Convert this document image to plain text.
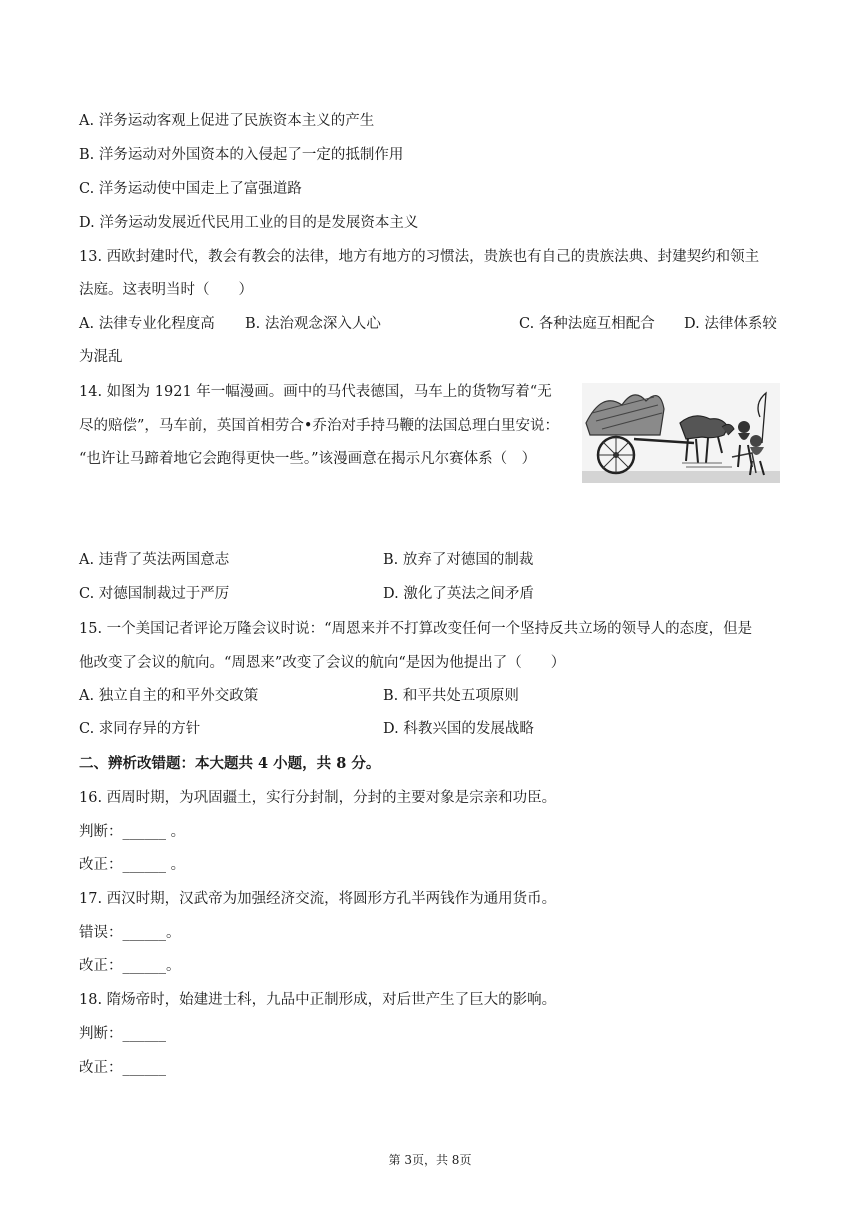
A. 洋务运动客观上促进了民族资本主义的产生
B. 洋务运动对外国资本的入侵起了一定的抵制作用
C. 洋务运动使中国走上了富强道路
D. 洋务运动发展近代民用工业的目的是发展资本主义
13. 西欧封建时代，教会有教会的法律，地方有地方的习惯法，贵族也有自己的贵族法典、封建契约和领主
法庭。这表明当时（　　）
A. 法律专业化程度高 B. 法治观念深入人心	C. 各种法庭互相配合 D. 法律体系较
为混乱
14. 如图为 1921 年一幅漫画。画中的马代表德国，马车上的货物写着“无
尽的赔偿”，马车前，英国首相劳合•乔治对手持马鞭的法国总理白里安说：
“也许让马蹄着地它会跑得更快一些。”该漫画意在揭示凡尔赛体系（　）
A. 违背了英法两国意志	B. 放弃了对德国的制裁
C. 对德国制裁过于严厉	D. 激化了英法之间矛盾
15. 一个美国记者评论万隆会议时说：“周恩来并不打算改变任何一个坚持反共立场的领导人的态度，但是
他改变了会议的航向。“周恩来”改变了会议的航向“是因为他提出了（　　）
A. 独立自主的和平外交政策	B. 和平共处五项原则
C. 求同存异的方针	D. 科教兴国的发展战略
二、辨析改错题：本大题共 4 小题，共 8 分。
16. 西周时期，为巩固疆土，实行分封制，分封的主要对象是宗亲和功臣。
判断：______ 。
改正：______ 。
17. 西汉时期，汉武帝为加强经济交流，将圆形方孔半两钱作为通用货币。
错误：______。
改正：______。
18. 隋炀帝时，始建进士科，九品中正制形成，对后世产生了巨大的影响。
判断：______
改正：______
第 3页，共 8页
